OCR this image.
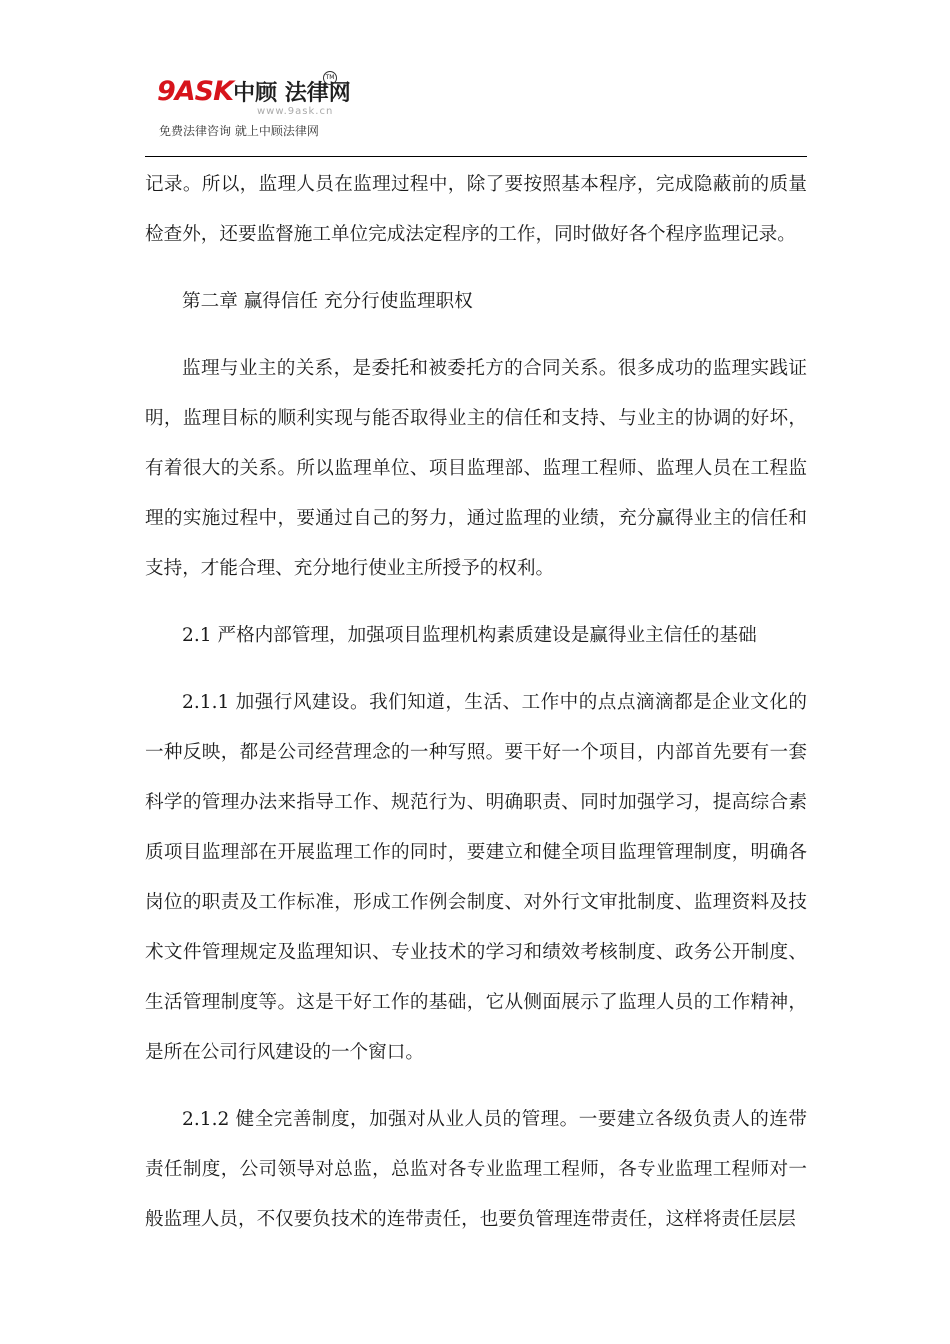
9ASK中顾 法律网
TM
www.9ask.cn
免费法律咨询 就上中顾法律网

记录。所以，监理人员在监理过程中，除了要按照基本程序，完成隐蔽前的质量检查外，还要监督施工单位完成法定程序的工作，同时做好各个程序监理记录。

第二章 赢得信任 充分行使监理职权

监理与业主的关系，是委托和被委托方的合同关系。很多成功的监理实践证明，监理目标的顺利实现与能否取得业主的信任和支持、与业主的协调的好坏，有着很大的关系。所以监理单位、项目监理部、监理工程师、监理人员在工程监理的实施过程中，要通过自己的努力，通过监理的业绩，充分赢得业主的信任和支持，才能合理、充分地行使业主所授予的权利。

2.1 严格内部管理，加强项目监理机构素质建设是赢得业主信任的基础

2.1.1 加强行风建设。我们知道，生活、工作中的点点滴滴都是企业文化的一种反映，都是公司经营理念的一种写照。要干好一个项目，内部首先要有一套科学的管理办法来指导工作、规范行为、明确职责、同时加强学习，提高综合素质项目监理部在开展监理工作的同时，要建立和健全项目监理管理制度，明确各岗位的职责及工作标准，形成工作例会制度、对外行文审批制度、监理资料及技术文件管理规定及监理知识、专业技术的学习和绩效考核制度、政务公开制度、生活管理制度等。这是干好工作的基础，它从侧面展示了监理人员的工作精神，是所在公司行风建设的一个窗口。

2.1.2 健全完善制度，加强对从业人员的管理。一要建立各级负责人的连带责任制度，公司领导对总监，总监对各专业监理工程师，各专业监理工程师对一般监理人员，不仅要负技术的连带责任，也要负管理连带责任，这样将责任层层
